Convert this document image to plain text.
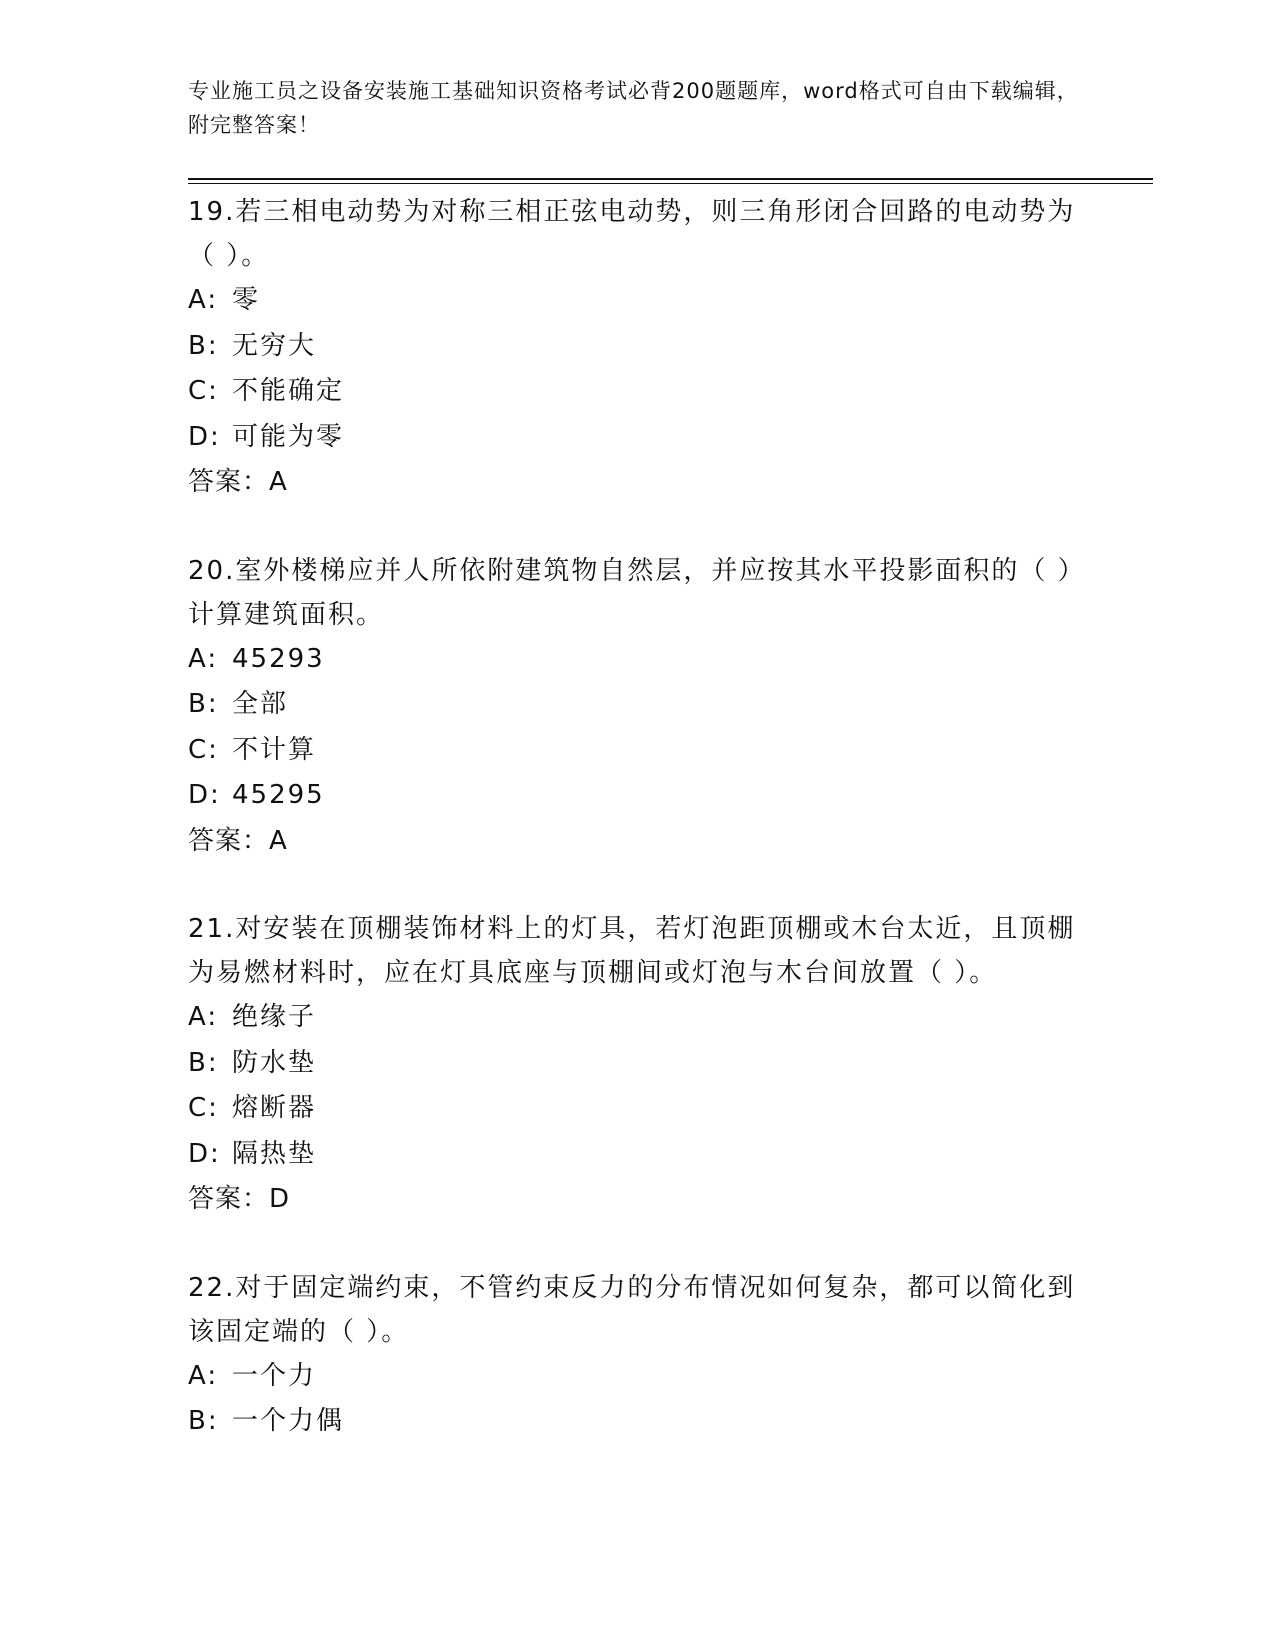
专业施工员之设备安装施工基础知识资格考试必背200题题库，word格式可自由下载编辑，附完整答案！
19.若三相电动势为对称三相正弦电动势，则三角形闭合回路的电动势为（ ）。
A: 零
B: 无穷大
C: 不能确定
D: 可能为零
答案：A
20.室外楼梯应并人所依附建筑物自然层，并应按其水平投影面积的（ ）计算建筑面积。
A: 45293
B: 全部
C: 不计算
D: 45295
答案：A
21.对安装在顶棚装饰材料上的灯具，若灯泡距顶棚或木台太近，且顶棚为易燃材料时，应在灯具底座与顶棚间或灯泡与木台间放置（ ）。
A: 绝缘子
B: 防水垫
C: 熔断器
D: 隔热垫
答案：D
22.对于固定端约束，不管约束反力的分布情况如何复杂，都可以简化到该固定端的（ ）。
A: 一个力
B: 一个力偶
